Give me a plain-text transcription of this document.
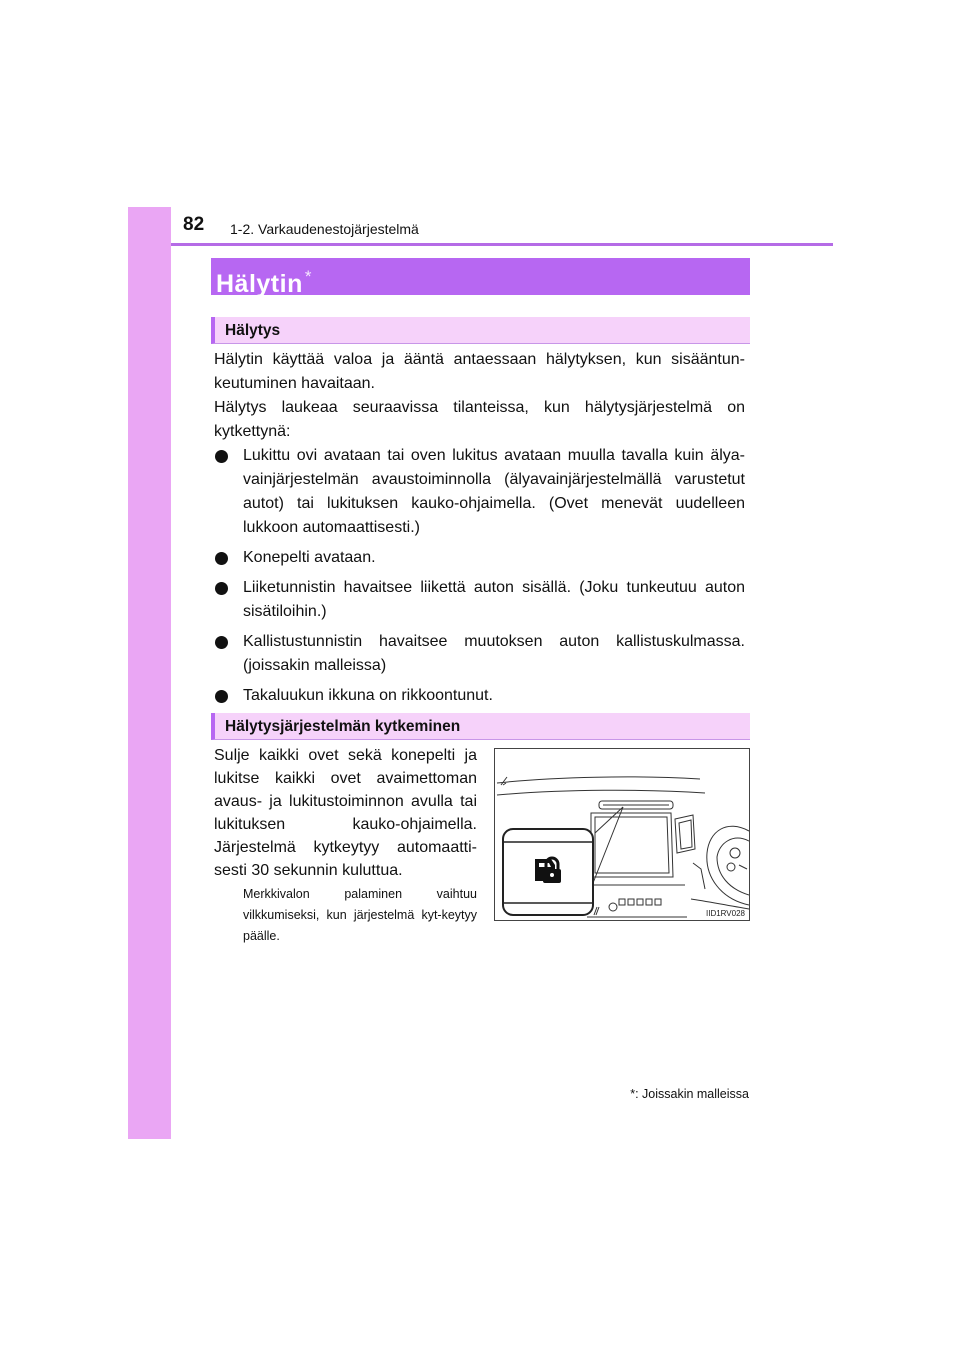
82 1-2. Varkaudenestojärjestelmä
Hälytin *
Hälytys

Hälytin käyttää valoa ja ääntä antaessaan hälytyksen, kun sisääntun-keutuminen havaitaan.

Hälytys laukeaa seuraavissa tilanteissa, kun hälytysjärjestelmä on kytkettynä:

Lukittu ovi avataan tai oven lukitus avataan muulla tavalla kuin älya-vainjärjestelmän avaustoiminnolla (älyavainjärjestelmällä varustetut autot) tai lukituksen kauko-ohjaimella. (Ovet menevät uudelleen lukkoon automaattisesti.)
Konepelti avataan.
Liiketunnistin havaitsee liikettä auton sisällä. (Joku tunkeutuu auton sisätiloihin.)
Kallistustunnistin havaitsee muutoksen auton kallistuskulmassa. (joissakin malleissa)
Takaluukun ikkuna on rikkoontunut.
Hälytysjärjestelmän kytkeminen
Sulje kaikki ovet sekä konepelti ja lukitse kaikki ovet avaimettoman avaus- ja lukitustoiminnon avulla tai lukituksen kauko-ohjaimella. Järjestelmä kytkeytyy automaatti-sesti 30 sekunnin kuluttua.
Merkkivalon palaminen vaihtuu vilkkumiseksi, kun järjestelmä kyt-keytyy päälle.
IID1RV028
*: Joissakin malleissa
